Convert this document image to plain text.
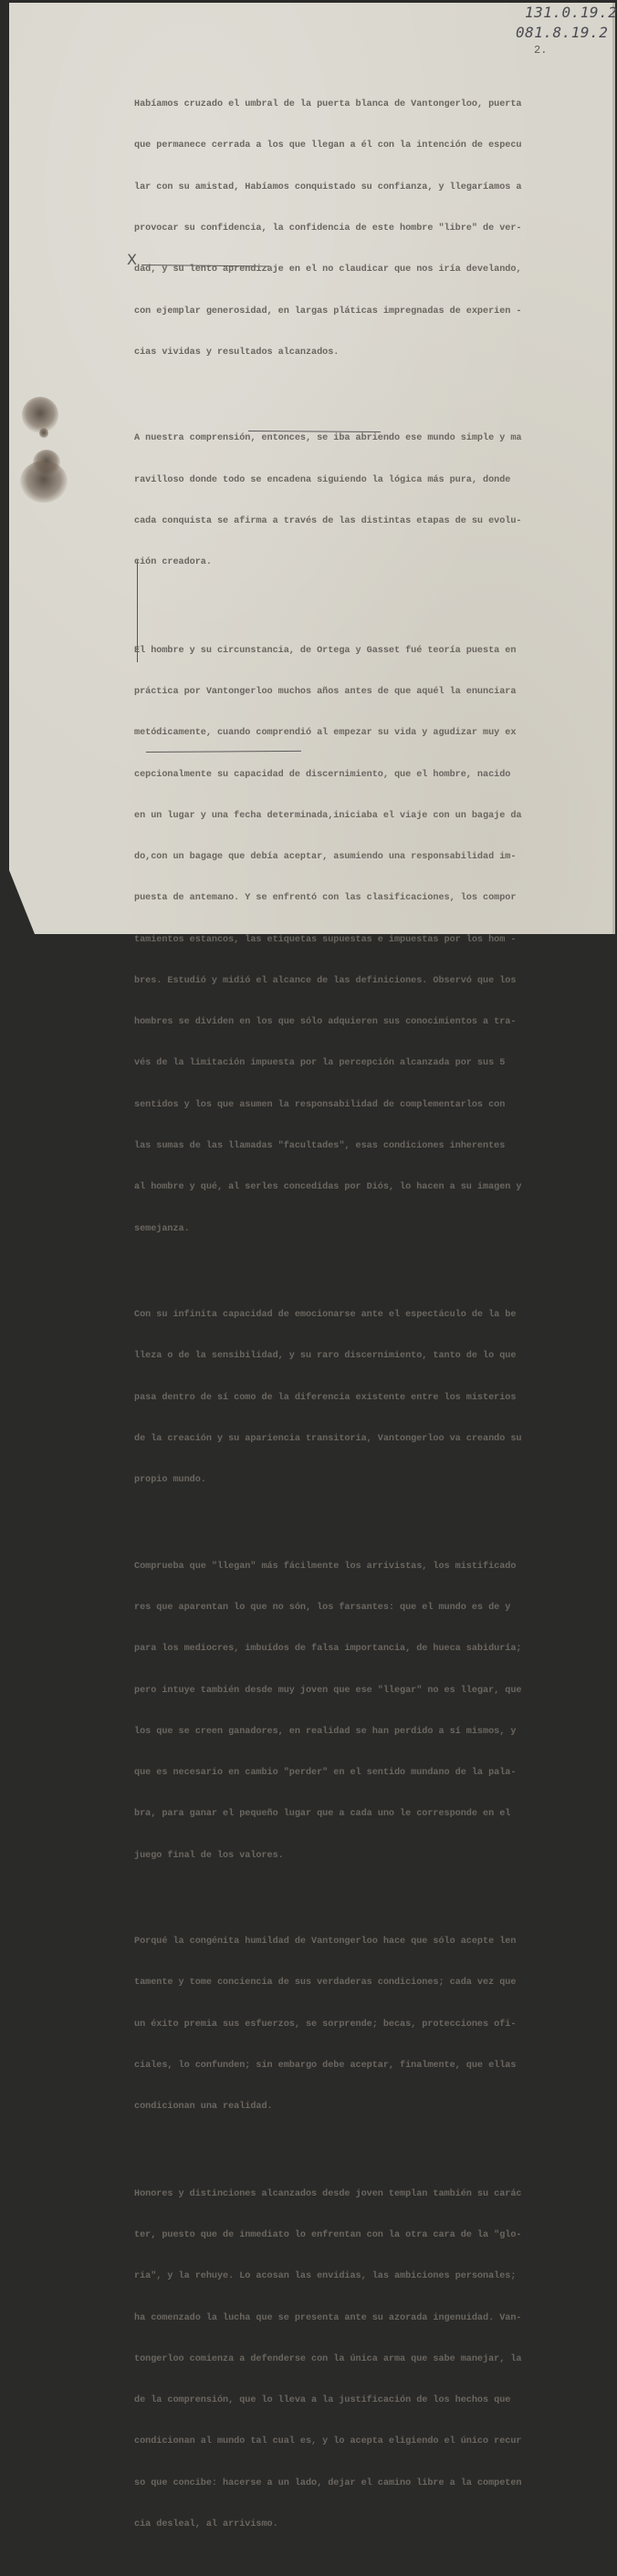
131.0.19.2
081.8.19.2
2.
X

Habíamos cruzado el umbral de la puerta blanca de Vantongerloo, puerta

que permanece cerrada a los que llegan a él con la intención de especu

lar con su amistad, Habíamos conquistado su confianza, y llegaríamos a

provocar su confidencia, la confidencia de este hombre "libre" de ver-

dad, y su lento aprendizaje en el no claudicar que nos iría develando,

con ejemplar generosidad, en largas pláticas impregnadas de experien -

cias vividas y resultados alcanzados.

A nuestra comprensión, entonces, se iba abriendo ese mundo simple y ma

ravilloso donde todo se encadena siguiendo la lógica más pura, donde

cada conquista se afirma a través de las distintas etapas de su evolu-

ción creadora.

El hombre y su circunstancia, de Ortega y Gasset fué teoría puesta en

práctica por Vantongerloo muchos años antes de que aquél la enunciara

metódicamente, cuando comprendió al empezar su vida y agudizar muy ex

cepcionalmente su capacidad de discernimiento, que el hombre, nacido

en un lugar y una fecha determinada,iniciaba el viaje con un bagaje da

do,con un bagage que debía aceptar, asumiendo una responsabilidad im-

puesta de antemano. Y se enfrentó con las clasificaciones, los compor

tamientos estancos, las etiquetas supuestas e impuestas por los hom -

bres. Estudió y midió el alcance de las definiciones. Observó que los

hombres se dividen en los que sólo adquieren sus conocimientos a tra-

vés de la limitación impuesta por la percepción alcanzada por sus 5

sentidos y los que asumen la responsabilidad de complementarlos con

las sumas de las llamadas "facultades", esas condiciones inherentes

al hombre y qué, al serles concedidas por Diós, lo hacen a su imagen y

semejanza.

Con su infinita capacidad de emocionarse ante el espectáculo de la be

lleza o de la sensibilidad, y su raro discernimiento, tanto de lo que

pasa dentro de sí como de la diferencia existente entre los misterios

de la creación y su apariencia transitoria, Vantongerloo va creando su

propio mundo.

Comprueba que "llegan" más fácilmente los arrivistas, los mistificado

res que aparentan lo que no són, los farsantes: que el mundo es de y

para los mediocres, imbuídos de falsa importancia, de hueca sabiduría;

pero intuye también desde muy joven que ese "llegar" no es llegar, que

los que se creen ganadores, en realidad se han perdido a sí mismos, y

que es necesario en cambio "perder" en el sentido mundano de la pala-

bra, para ganar el pequeño lugar que a cada uno le corresponde en el

juego final de los valores.

Porqué la congénita humildad de Vantongerloo hace que sólo acepte len

tamente y tome conciencia de sus verdaderas condiciones; cada vez que

un éxito premia sus esfuerzos, se sorprende; becas, protecciones ofi-

ciales, lo confunden; sin embargo debe aceptar, finalmente, que ellas

condicionan una realidad.

Honores y distinciones alcanzados desde joven templan también su carác

ter, puesto que de inmediato lo enfrentan con la otra cara de la "glo-

ria", y la rehuye. Lo acosan las envidias, las ambiciones personales;

ha comenzado la lucha que se presenta ante su azorada ingenuidad. Van-

tongerloo comienza a defenderse con la única arma que sabe manejar, la

de la comprensión, que lo lleva a la justificación de los hechos que

condicionan al mundo tal cual es, y lo acepta eligiendo el único recur

so que concibe: hacerse a un lado, dejar el camino libre a la competen

cia desleal, al arrivismo.
